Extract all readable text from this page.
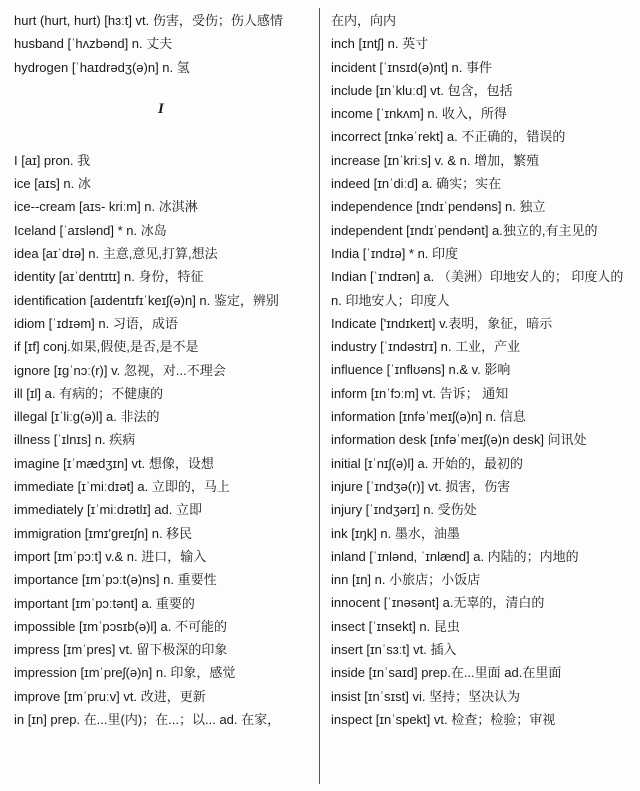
hurt (hurt, hurt) [hɜːt] vt. 伤害，受伤；伤人感情

husband [ˈhʌzbənd] n. 丈夫

hydrogen [ˈhaɪdrədʒ(ə)n] n. 氢

I

I [aɪ] pron. 我

ice [aɪs] n. 冰

ice--cream [aɪs- kriːm] n. 冰淇淋

Iceland [ˈaɪslənd] * n. 冰岛

idea [aɪˈdɪə] n. 主意,意见,打算,想法

identity [aɪˈdentɪtɪ] n. 身份，特征

identification [aɪdentɪfɪˈkeɪʃ(ə)n] n. 鉴定，辨别

idiom [ˈɪdɪəm] n. 习语，成语

if [ɪf] conj.如果,假使,是否,是不是

ignore [ɪgˈnɔː(r)] v. 忽视，对...不理会

ill [ɪl] a. 有病的；不健康的

illegal [ɪˈliːg(ə)l] a. 非法的

illness [ˈɪlnɪs] n. 疾病

imagine [ɪˈmædʒɪn] vt. 想像，设想

immediate [ɪˈmiːdɪət] a. 立即的，马上

immediately [ɪˈmiːdɪətlɪ] ad. 立即

immigration [ɪmɪ'greɪʃn] n. 移民

import [ɪmˈpɔːt] v.& n. 进口，输入

importance [ɪmˈpɔːt(ə)ns] n. 重要性

important [ɪmˈpɔːtənt] a. 重要的

impossible [ɪmˈpɔsɪb(ə)l] a. 不可能的

impress [ɪmˈpres] vt. 留下极深的印象

impression [ɪmˈpreʃ(ə)n] n. 印象，感觉

improve [ɪmˈpruːv] vt. 改进，更新

in [ɪn] prep. 在...里(内)；在...；以... ad. 在家，

在内，向内

inch [ɪntʃ] n. 英寸

incident [ˈɪnsɪd(ə)nt] n. 事件

include [ɪnˈkluːd] vt. 包含，包括

income [ˈɪnkʌm] n. 收入，所得

incorrect [ɪnkəˈrekt] a. 不正确的，错误的

increase [ɪnˈkriːs] v. & n. 增加，繁殖

indeed [ɪnˈdiːd] a. 确实；实在

independence [ɪndɪˈpendəns] n. 独立

independent [ɪndɪˈpendənt] a.独立的,有主见的

India [ˈɪndɪə] * n. 印度

Indian [ˈɪndɪən] a. （美洲）印地安人的； 印度人的 n. 印地安人；印度人

Indicate ['ɪndɪkeɪt] v.表明，象征，暗示

industry [ˈɪndəstrɪ] n. 工业，产业

influence [ˈɪnflʊəns] n.& v. 影响

inform [ɪnˈfɔːm] vt. 告诉； 通知

information [ɪnfəˈmeɪʃ(ə)n] n. 信息

information desk [ɪnfəˈmeɪʃ(ə)n desk] 问讯处

initial [ɪˈnɪʃ(ə)l] a. 开始的，最初的

injure [ˈɪndʒə(r)] vt. 损害，伤害

injury [ˈɪndʒərɪ] n. 受伤处

ink [ɪŋk] n. 墨水，油墨

inland [ˈɪnlənd, ˈɪnlænd] a. 内陆的；内地的

inn [ɪn] n. 小旅店；小饭店

innocent [ˈɪnəsənt] a.无辜的，清白的

insect [ˈɪnsekt] n. 昆虫

insert [ɪnˈsɜːt] vt. 插入

inside [ɪnˈsaɪd] prep.在...里面 ad.在里面

insist [ɪnˈsɪst] vi. 坚持；坚决认为

inspect [ɪnˈspekt] vt. 检查；检验；审视
